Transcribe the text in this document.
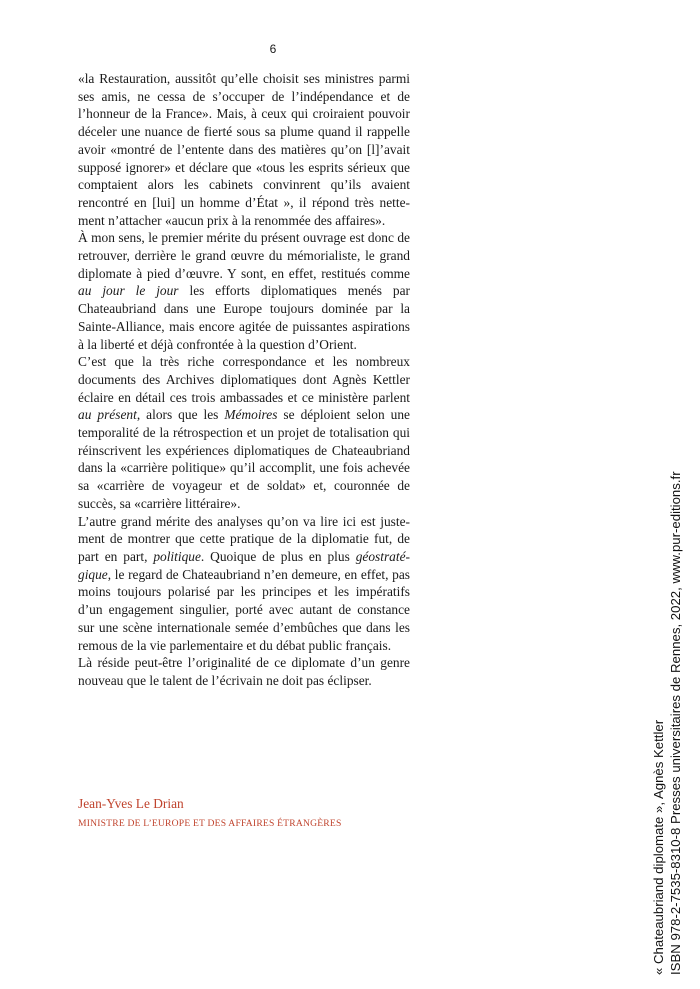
6

«la Restauration, aussitôt qu’elle choisit ses ministres parmi ses amis, ne cessa de s’occuper de l’indépendance et de l’honneur de la France». Mais, à ceux qui croiraient pouvoir déceler une nuance de fierté sous sa plume quand il rappelle avoir «montré de l’entente dans des matières qu’on [l]’avait supposé ignorer» et déclare que «tous les esprits sérieux que comptaient alors les cabinets convinrent qu’ils avaient rencontré en [lui] un homme d’État », il répond très nettement n’attacher «aucun prix à la renommée des affaires».

À mon sens, le premier mérite du présent ouvrage est donc de retrouver, derrière le grand œuvre du mémorialiste, le grand diplomate à pied d’œuvre. Y sont, en effet, restitués comme au jour le jour les efforts diplomatiques menés par Chateaubriand dans une Europe toujours dominée par la Sainte-Alliance, mais encore agitée de puissantes aspirations à la liberté et déjà confrontée à la question d’Orient.

C’est que la très riche correspondance et les nombreux documents des Archives diplomatiques dont Agnès Kettler éclaire en détail ces trois ambassades et ce ministère parlent au présent, alors que les Mémoires se déploient selon une temporalité de la rétrospection et un projet de totalisation qui réinscrivent les expériences diplomatiques de Chateaubriand dans la «carrière politique» qu’il accomplit, une fois achevée sa «carrière de voyageur et de soldat» et, couronnée de succès, sa «carrière littéraire».

L’autre grand mérite des analyses qu’on va lire ici est justement de montrer que cette pratique de la diplomatie fut, de part en part, politique. Quoique de plus en plus géostratégique, le regard de Chateaubriand n’en demeure, en effet, pas moins toujours polarisé par les principes et les impératifs d’un engagement singulier, porté avec autant de constance sur une scène internationale semée d’embûches que dans les remous de la vie parlementaire et du débat public français.

Là réside peut-être l’originalité de ce diplomate d’un genre nouveau que le talent de l’écrivain ne doit pas éclipser.

Jean-Yves Le Drian
MINISTRE DE L’EUROPE ET DES AFFAIRES ÉTRANGÈRES	« Chateaubriand diplomate », Agnès Kettler ISBN 978-2-7535-8310-8 Presses universitaires de Rennes, 2022, www.pur-editions.fr
